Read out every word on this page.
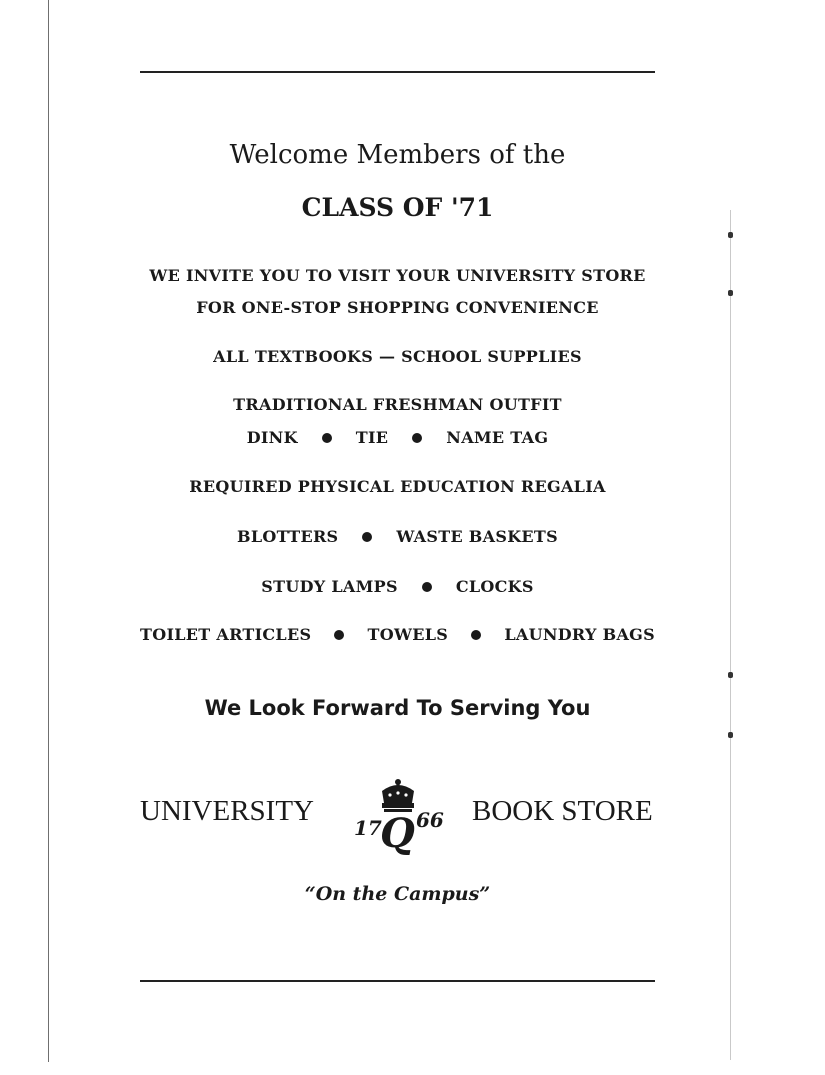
Welcome Members of the
CLASS OF '71
WE INVITE YOU TO VISIT YOUR UNIVERSITY STORE
FOR ONE-STOP SHOPPING CONVENIENCE
ALL TEXTBOOKS — SCHOOL SUPPLIES
TRADITIONAL FRESHMAN OUTFIT
DINK	TIE	NAME TAG
REQUIRED PHYSICAL EDUCATION REGALIA
BLOTTERS	WASTE BASKETS
STUDY LAMPS	CLOCKS
TOILET ARTICLES	TOWELS	LAUNDRY BAGS
We Look Forward To Serving You
UNIVERSITY	BOOK STORE
17
Q 66
“On the Campus”
